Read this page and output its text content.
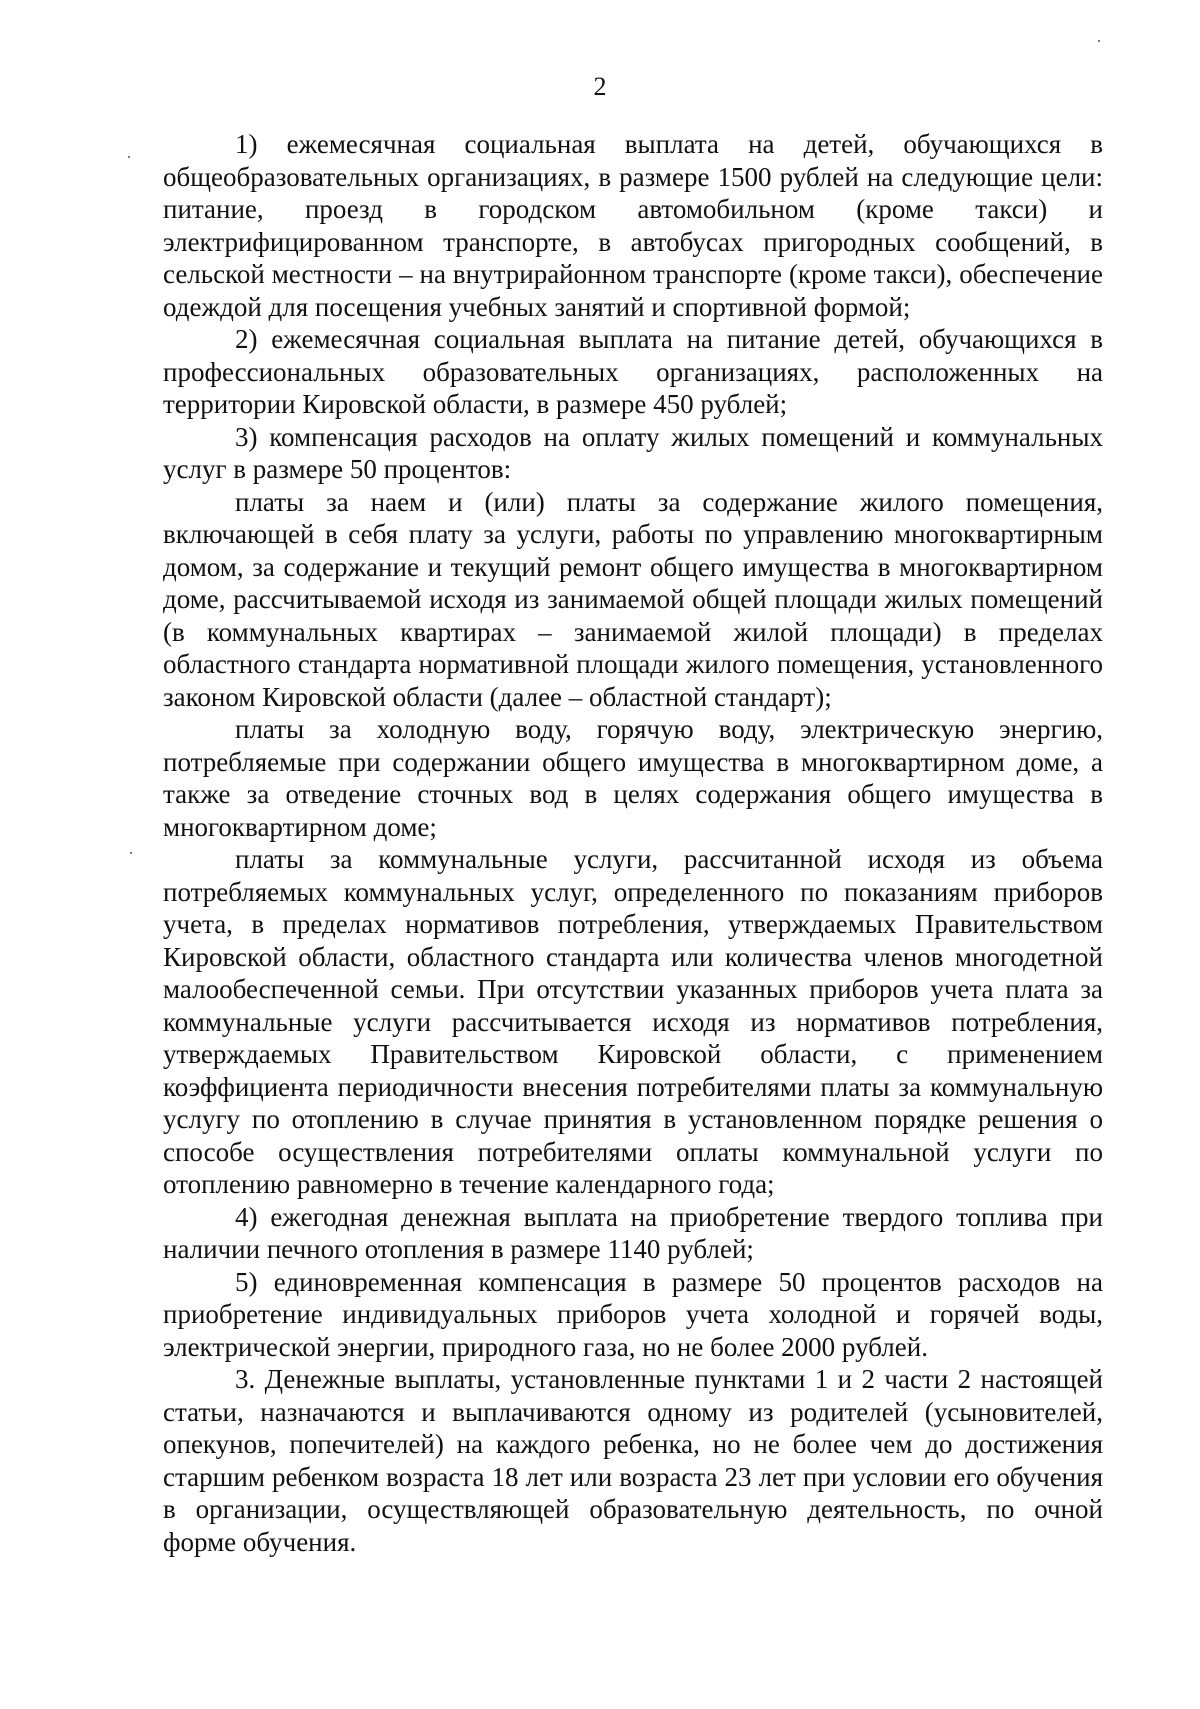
2

1) ежемесячная социальная выплата на детей, обучающихся в общеобразовательных организациях, в размере 1500 рублей на следующие цели: питание, проезд в городском автомобильном (кроме такси) и электрифицированном транспорте, в автобусах пригородных сообщений, в сельской местности – на внутрирайонном транспорте (кроме такси), обеспечение одеждой для посещения учебных занятий и спортивной формой;

2) ежемесячная социальная выплата на питание детей, обучающихся в профессиональных образовательных организациях, расположенных на территории Кировской области, в размере 450 рублей;

3) компенсация расходов на оплату жилых помещений и коммунальных услуг в размере 50 процентов:

платы за наем и (или) платы за содержание жилого помещения, включающей в себя плату за услуги, работы по управлению многоквартирным домом, за содержание и текущий ремонт общего имущества в многоквартирном доме, рассчитываемой исходя из занимаемой общей площади жилых помещений (в коммунальных квартирах – занимаемой жилой площади) в пределах областного стандарта нормативной площади жилого помещения, установленного законом Кировской области (далее – областной стандарт);

платы за холодную воду, горячую воду, электрическую энергию, потребляемые при содержании общего имущества в многоквартирном доме, а также за отведение сточных вод в целях содержания общего имущества в многоквартирном доме;

платы за коммунальные услуги, рассчитанной исходя из объема потребляемых коммунальных услуг, определенного по показаниям приборов учета, в пределах нормативов потребления, утверждаемых Правительством Кировской области, областного стандарта или количества членов многодетной малообеспеченной семьи. При отсутствии указанных приборов учета плата за коммунальные услуги рассчитывается исходя из нормативов потребления, утверждаемых Правительством Кировской области, с применением коэффициента периодичности внесения потребителями платы за коммунальную услугу по отоплению в случае принятия в установленном порядке решения о способе осуществления потребителями оплаты коммунальной услуги по отоплению равномерно в течение календарного года;

4) ежегодная денежная выплата на приобретение твердого топлива при наличии печного отопления в размере 1140 рублей;

5) единовременная компенсация в размере 50 процентов расходов на приобретение индивидуальных приборов учета холодной и горячей воды, электрической энергии, природного газа, но не более 2000 рублей.

3. Денежные выплаты, установленные пунктами 1 и 2 части 2 настоящей статьи, назначаются и выплачиваются одному из родителей (усыновителей, опекунов, попечителей) на каждого ребенка, но не более чем до достижения старшим ребенком возраста 18 лет или возраста 23 лет при условии его обучения в организации, осуществляющей образовательную деятельность, по очной форме обучения.
